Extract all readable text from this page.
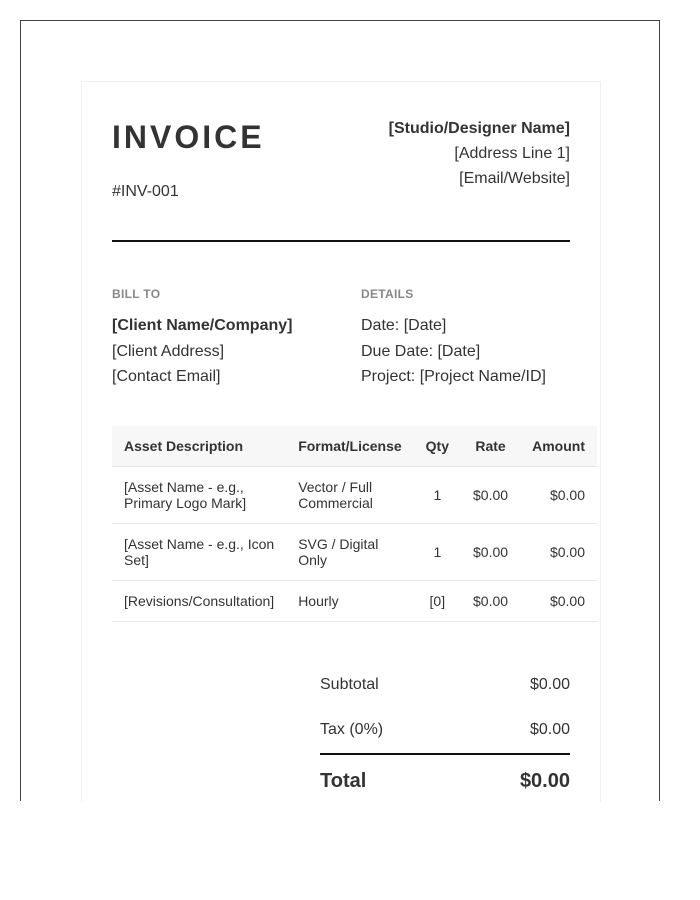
INVOICE
#INV-001
[Studio/Designer Name]
[Address Line 1]
[Email/Website]
BILL TO
[Client Name/Company]
[Client Address]
[Contact Email]
DETAILS
Date: [Date]
Due Date: [Date]
Project: [Project Name/ID]
Asset Description	Format/License	Qty	Rate	Amount
[Asset Name - e.g., Primary Logo Mark]	Vector / Full Commercial	1	$0.00	$0.00
[Asset Name - e.g., Icon Set]	SVG / Digital Only	1	$0.00	$0.00
[Revisions/Consultation]	Hourly	[0]	$0.00	$0.00
Subtotal	$0.00
Tax (0%)	$0.00
Total	$0.00
